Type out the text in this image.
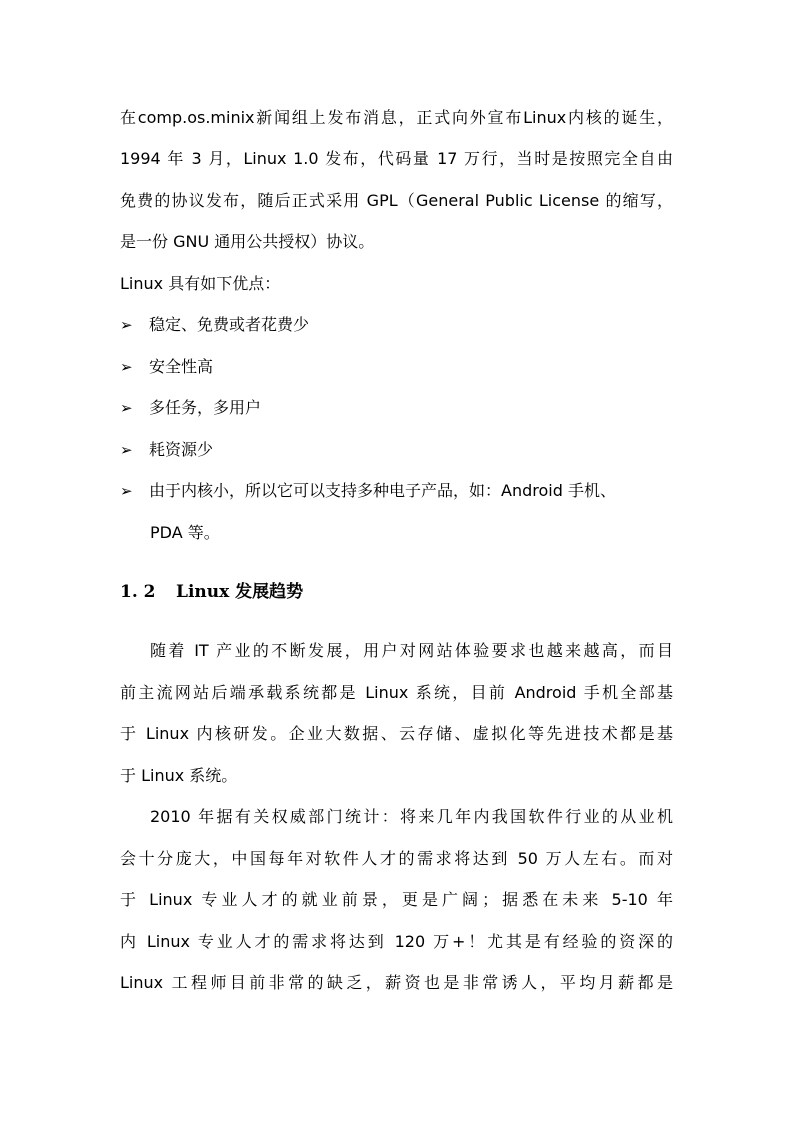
在comp.os.minix新闻组上发布消息，正式向外宣布Linux内核的诞生，
1994 年 3 月，Linux 1.0 发布，代码量 17 万行，当时是按照完全自由
免费的协议发布，随后正式采用 GPL（General Public License 的缩写，
是一份 GNU 通用公共授权）协议。
Linux 具有如下优点：
➢ 稳定、免费或者花费少
➢ 安全性高
➢ 多任务，多用户
➢ 耗资源少
➢ 由于内核小，所以它可以支持多种电子产品，如：Android 手机、
PDA 等。
1. 2 Linux 发展趋势
随着 IT 产业的不断发展，用户对网站体验要求也越来越高，而目
前主流网站后端承载系统都是 Linux 系统，目前 Android 手机全部基
于 Linux 内核研发。企业大数据、云存储、虚拟化等先进技术都是基
于 Linux 系统。
2010 年据有关权威部门统计：将来几年内我国软件行业的从业机
会十分庞大，中国每年对软件人才的需求将达到 50 万人左右。而对
于 Linux 专业人才的就业前景，更是广阔；据悉在未来 5-10 年
内 Linux 专业人才的需求将达到 120 万+！尤其是有经验的资深的
Linux 工程师目前非常的缺乏，薪资也是非常诱人，平均月薪都是
